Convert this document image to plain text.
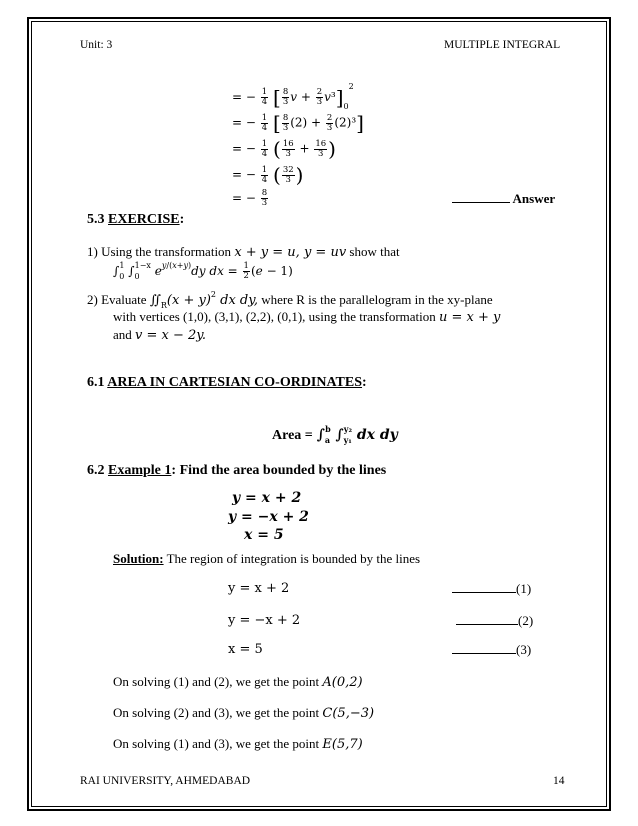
Unit: 3	MULTIPLE INTEGRAL
= − $\frac{1}{4}$ [ $\frac{8}{3}$ $v + \frac{2}{3} v^3]_0^2$
= − $\frac{1}{4}$ [ $\frac{8}{3} (2) + \frac{2}{3} (2)^3$]
= − $\frac{1}{4}$ ( $\frac{16}{3} + \frac{16}{3}$ )
= − $\frac{1}{4}$ ( $\frac{32}{3}$ )
= − $\frac{8}{3}$	Answer
5.3 EXERCISE:
1) Using the transformation x + y = u, y = uv show that
$\int_0^1$ $\int_0^{1-x}$ $e^{y/(x+y)}dy$ dx = $\frac{1}{2} (e - 1)$
2) Evaluate $∬_R(x + y)^2$ dx dy, where R is the parallelogram in the xy-plane
with vertices (1,0), (3,1), (2,2), (0,1), using the transformation u = x + y
and v = x − 2y.
6.1 AREA IN CARTESIAN CO-ORDINATES:
Area = $\int_a^b$ $\int_{y_1}^{y_2}$ dx dy
6.2 Example 1: Find the area bounded by the lines
y = x + 2
y = −x + 2
x = 5
Solution: The region of integration is bounded by the lines
y = x + 2	(1)
y = −x + 2	(2)
x = 5	(3)
On solving (1) and (2), we get the point A(0,2)
On solving (2) and (3), we get the point C(5,−3)
On solving (1) and (3), we get the point E(5,7)
RAI UNIVERSITY, AHMEDABAD	14
